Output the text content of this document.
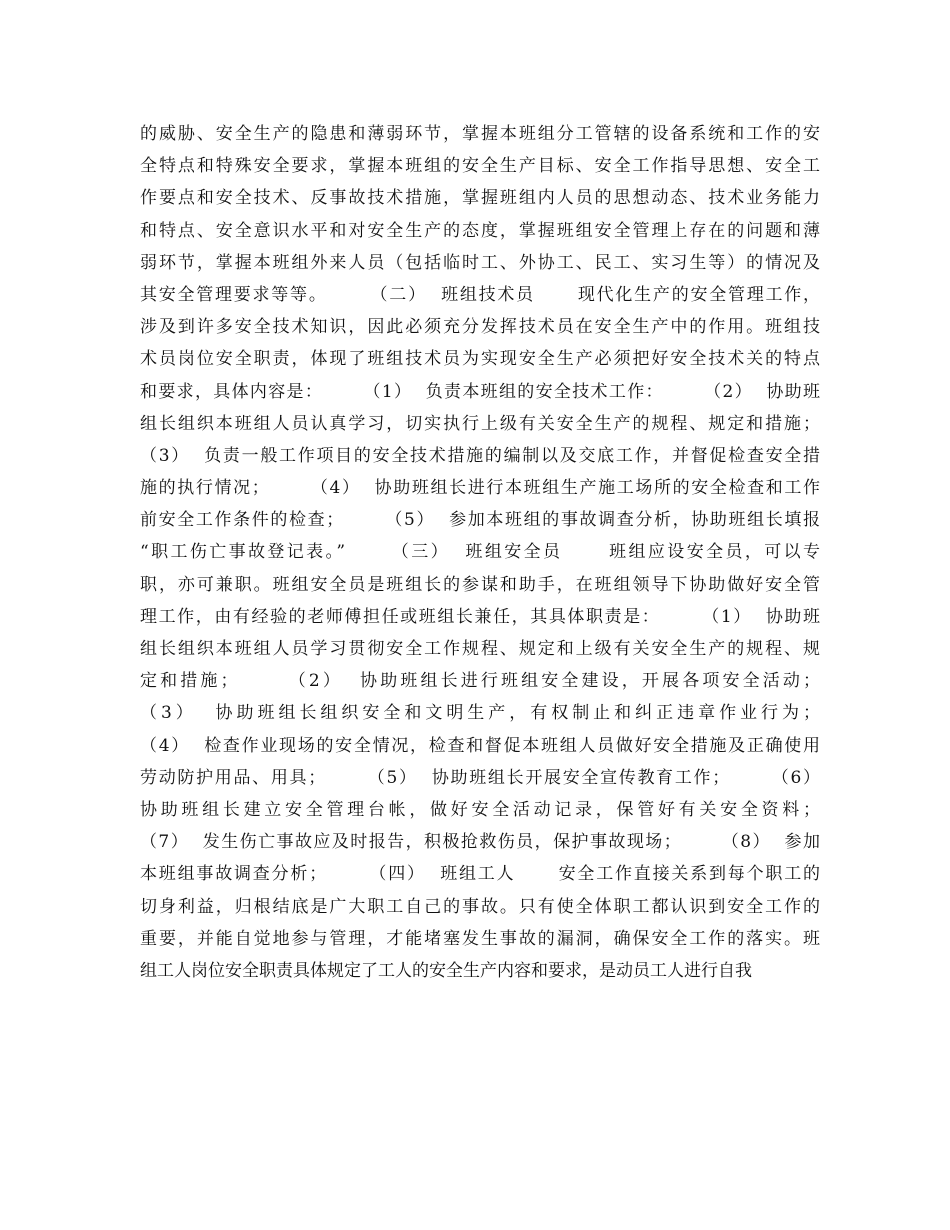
的威胁、安全生产的隐患和薄弱环节，掌握本班组分工管辖的设备系统和工作的安
全特点和特殊安全要求，掌握本班组的安全生产目标、安全工作指导思想、安全工
作要点和安全技术、反事故技术措施，掌握班组内人员的思想动态、技术业务能力
和特点、安全意识水平和对安全生产的态度，掌握班组安全管理上存在的问题和薄
弱环节，掌握本班组外来人员（包括临时工、外协工、民工、实习生等）的情况及
其安全管理要求等等。      （二）  班组技术员      现代化生产的安全管理工作，
涉及到许多安全技术知识，因此必须充分发挥技术员在安全生产中的作用。班组技
术员岗位安全职责，体现了班组技术员为实现安全生产必须把好安全技术关的特点
和要求，具体内容是：      （1）  负责本班组的安全技术工作：      （2）  协助班
组长组织本班组人员认真学习，切实执行上级有关安全生产的规程、规定和措施；
（3）  负责一般工作项目的安全技术措施的编制以及交底工作，并督促检查安全措
施的执行情况；      （4）  协助班组长进行本班组生产施工场所的安全检查和工作
前安全工作条件的检查；      （5）  参加本班组的事故调查分析，协助班组长填报
“职工伤亡事故登记表。”      （三）  班组安全员      班组应设安全员，可以专
职，亦可兼职。班组安全员是班组长的参谋和助手，在班组领导下协助做好安全管
理工作，由有经验的老师傅担任或班组长兼任，其具体职责是：      （1）  协助班
组长组织本班组人员学习贯彻安全工作规程、规定和上级有关安全生产的规程、规
定和措施；      （2）  协助班组长进行班组安全建设，开展各项安全活动；
（3）  协助班组长组织安全和文明生产，有权制止和纠正违章作业行为；
（4）  检查作业现场的安全情况，检查和督促本班组人员做好安全措施及正确使用
劳动防护用品、用具；      （5）  协助班组长开展安全宣传教育工作；      （6）
协助班组长建立安全管理台帐，做好安全活动记录，保管好有关安全资料；
（7）  发生伤亡事故应及时报告，积极抢救伤员，保护事故现场；      （8）  参加
本班组事故调查分析；      （四）  班组工人      安全工作直接关系到每个职工的
切身利益，归根结底是广大职工自己的事故。只有使全体职工都认识到安全工作的
重要，并能自觉地参与管理，才能堵塞发生事故的漏洞，确保安全工作的落实。班
组工人岗位安全职责具体规定了工人的安全生产内容和要求，是动员工人进行自我
